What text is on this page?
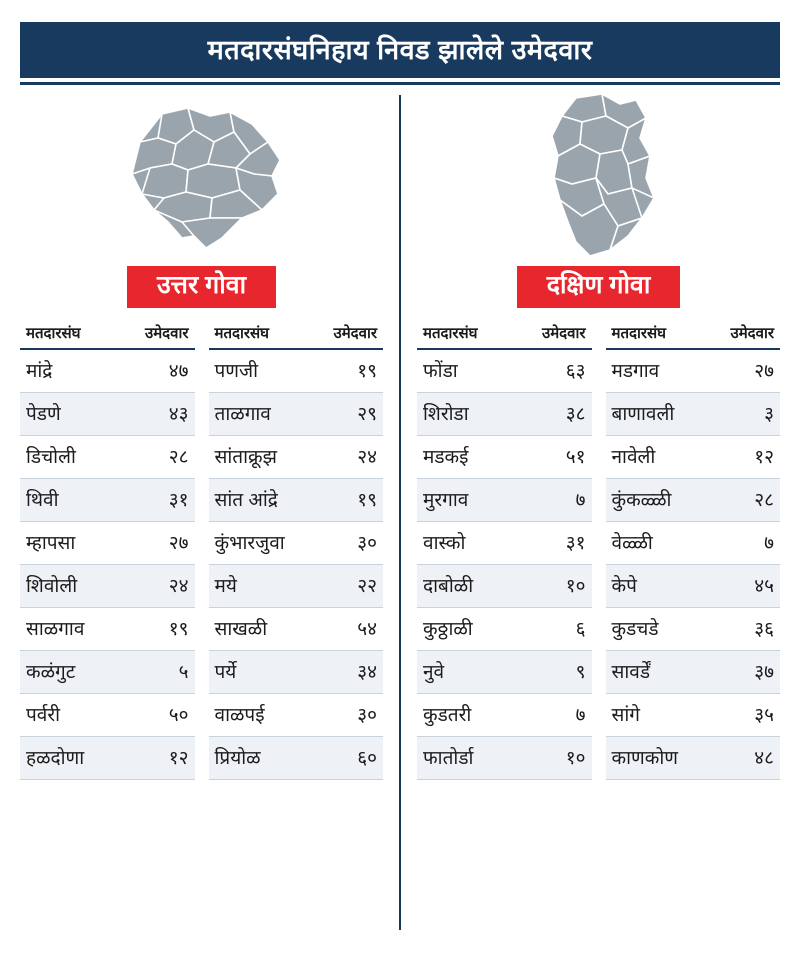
मतदारसंघनिहाय निवड झालेले उमेदवार
उत्तर गोवा
मतदारसंघ	उमेदवार
मांद्रे	४७
पेडणे	४३
डिचोली	२८
थिवी	३१
म्हापसा	२७
शिवोली	२४
साळगाव	१९
कळंगुट	५
पर्वरी	५०
हळदोणा	१२
मतदारसंघ	उमेदवार
पणजी	१९
ताळगाव	२९
सांताक्रूझ	२४
सांत आंद्रे	१९
कुंभारजुवा	३०
मये	२२
साखळी	५४
पर्ये	३४
वाळपई	३०
प्रियोळ	६०
दक्षिण गोवा
मतदारसंघ	उमेदवार
फोंडा	६३
शिरोडा	३८
मडकई	५१
मुरगाव	७
वास्को	३१
दाबोळी	१०
कुठ्ठाळी	६
नुवे	९
कुडतरी	७
फातोर्डा	१०
मतदारसंघ	उमेदवार
मडगाव	२७
बाणावली	३
नावेली	१२
कुंकळ्ळी	२८
वेळ्ळी	७
केपे	४५
कुडचडे	३६
सावर्डें	३७
सांगे	३५
काणकोण	४८
